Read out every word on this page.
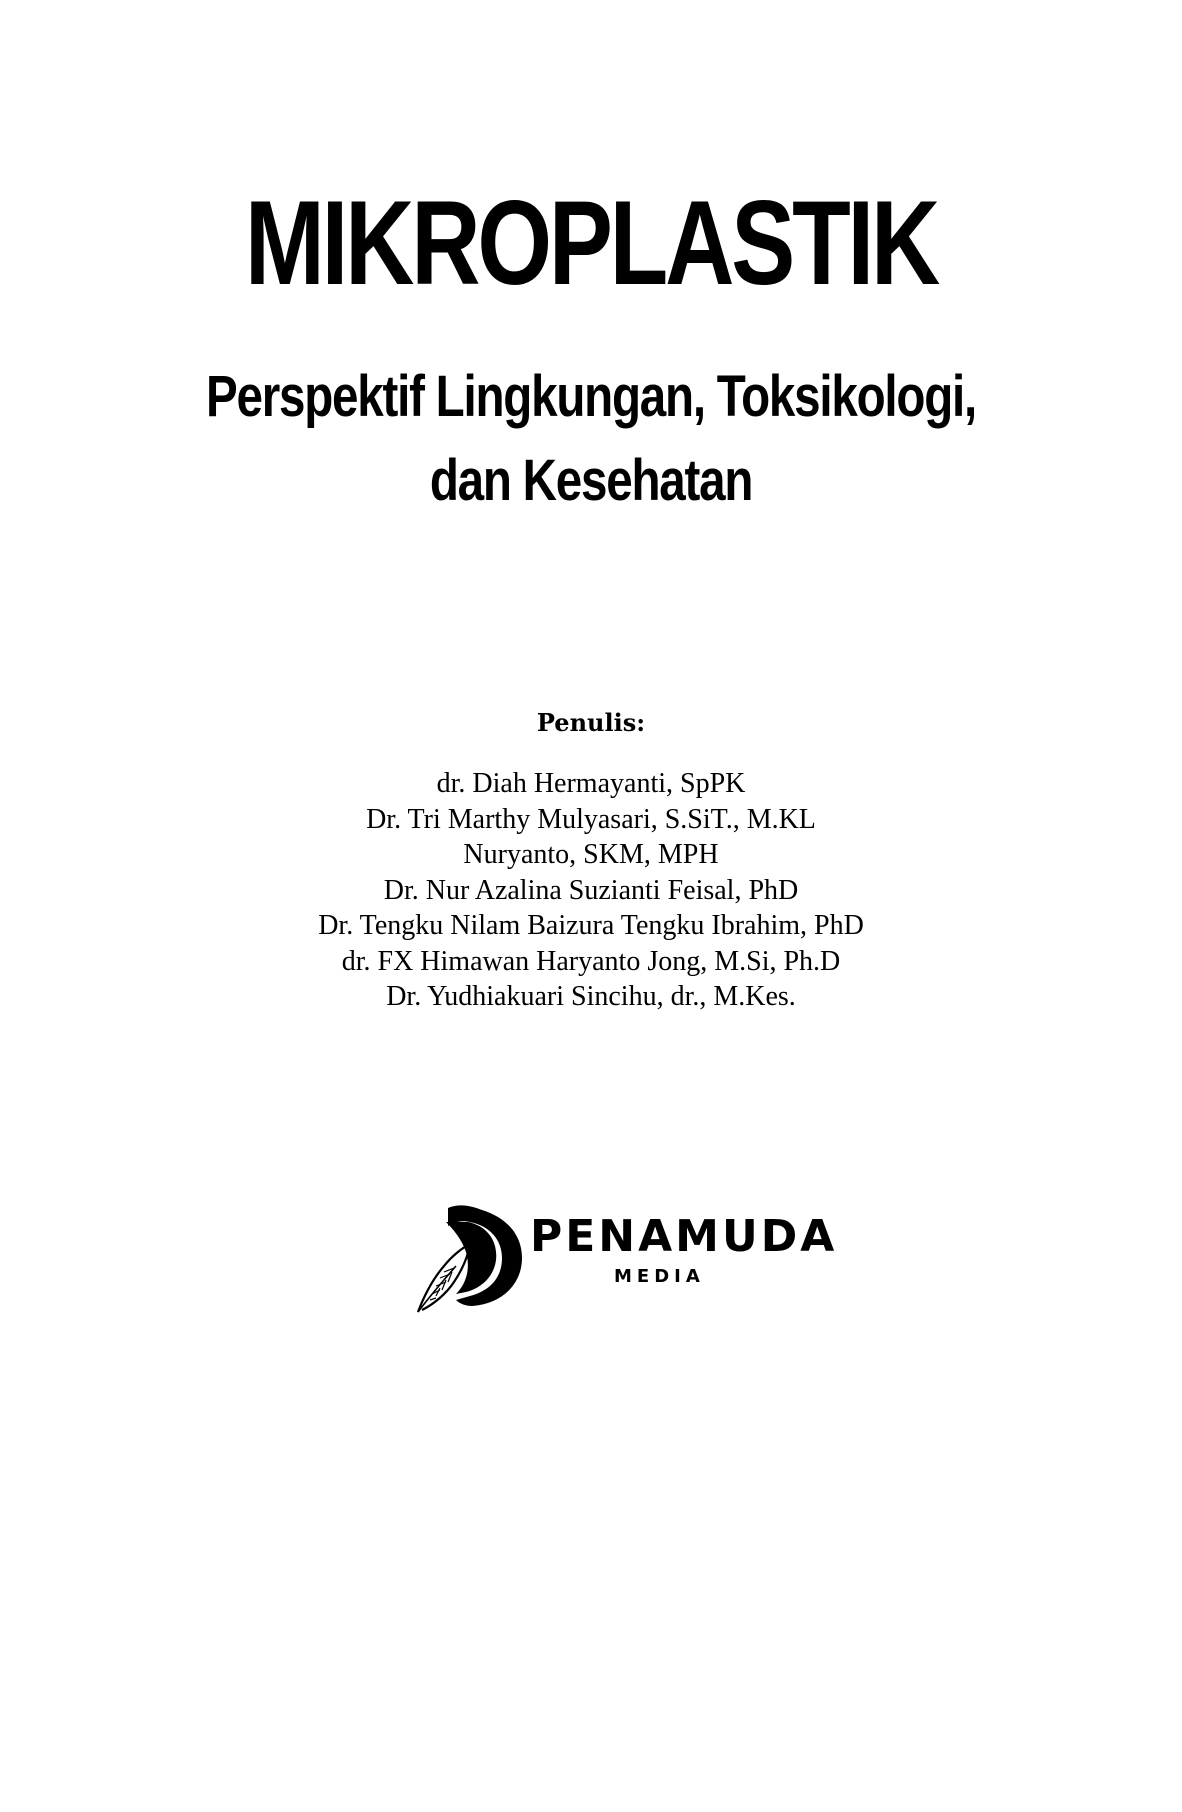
MIKROPLASTIK
Perspektif Lingkungan, Toksikologi,
dan Kesehatan
Penulis:
dr. Diah Hermayanti, SpPK
Dr. Tri Marthy Mulyasari, S.SiT., M.KL
Nuryanto, SKM, MPH
Dr. Nur Azalina Suzianti Feisal, PhD
Dr. Tengku Nilam Baizura Tengku Ibrahim, PhD
dr. FX Himawan Haryanto Jong, M.Si, Ph.D
Dr. Yudhiakuari Sincihu, dr., M.Kes.
PENAMUDA
MEDIA
